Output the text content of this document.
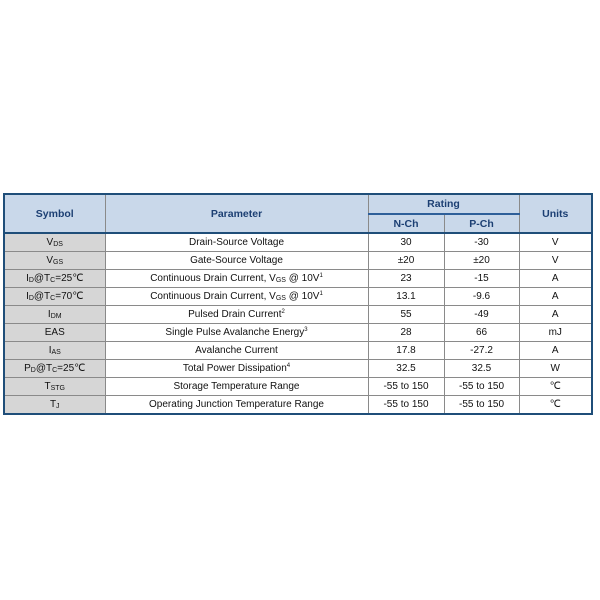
Symbol	Parameter	Rating		Units
		N-Ch	P-Ch	
VDS	Drain-Source Voltage	30	-30	V
VGS	Gate-Source Voltage	±20	±20	V
ID@TC=25℃	Continuous Drain Current, VGS @ $10V^1$	23	-15	A
ID@TC=70℃	Continuous Drain Current, VGS @ $10V^1$	13.1	-9.6	A
IDM	Pulsed Drain Current$^2$	55	-49	A
EAS	Single Pulse Avalanche Energy$^3$	28	66	mJ
IAS	Avalanche Current	17.8	-27.2	A
PD@TC=25℃	Total Power Dissipation$^4$	32.5	32.5	W
TSTG	Storage Temperature Range	-55 to 150	-55 to 150	℃
TJ	Operating Junction Temperature Range	-55 to 150	-55 to 150	℃
